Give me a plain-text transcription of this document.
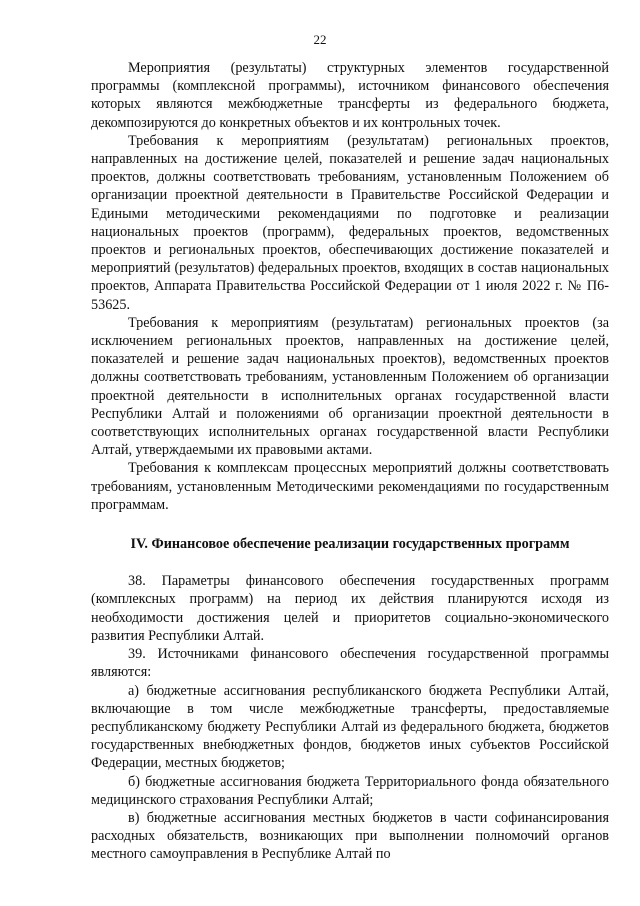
22

Мероприятия (результаты) структурных элементов государственной программы (комплексной программы), источником финансового обеспечения которых являются межбюджетные трансферты из федерального бюджета, декомпозируются до конкретных объектов и их контрольных точек.

Требования к мероприятиям (результатам) региональных проектов, направленных на достижение целей, показателей и решение задач национальных проектов, должны соответствовать требованиям, установленным Положением об организации проектной деятельности в Правительстве Российской Федерации и Едиными методическими рекомендациями по подготовке и реализации национальных проектов (программ), федеральных проектов, ведомственных проектов и региональных проектов, обеспечивающих достижение показателей и мероприятий (результатов) федеральных проектов, входящих в состав национальных проектов, Аппарата Правительства Российской Федерации от 1 июля 2022 г. № П6-53625.

Требования к мероприятиям (результатам) региональных проектов (за исключением региональных проектов, направленных на достижение целей, показателей и решение задач национальных проектов), ведомственных проектов должны соответствовать требованиям, установленным Положением об организации проектной деятельности в исполнительных органах государственной власти Республики Алтай и положениями об организации проектной деятельности в соответствующих исполнительных органах государственной власти Республики Алтай, утверждаемыми их правовыми актами.

Требования к комплексам процессных мероприятий должны соответствовать требованиям, установленным Методическими рекомендациями по государственным программам.

IV. Финансовое обеспечение реализации государственных программ

38. Параметры финансового обеспечения государственных программ (комплексных программ) на период их действия планируются исходя из необходимости достижения целей и приоритетов социально-экономического развития Республики Алтай.

39. Источниками финансового обеспечения государственной программы являются:

а) бюджетные ассигнования республиканского бюджета Республики Алтай, включающие в том числе межбюджетные трансферты, предоставляемые республиканскому бюджету Республики Алтай из федерального бюджета, бюджетов государственных внебюджетных фондов, бюджетов иных субъектов Российской Федерации, местных бюджетов;

б) бюджетные ассигнования бюджета Территориального фонда обязательного медицинского страхования Республики Алтай;

в) бюджетные ассигнования местных бюджетов в части софинансирования расходных обязательств, возникающих при выполнении полномочий органов местного самоуправления в Республике Алтай по
